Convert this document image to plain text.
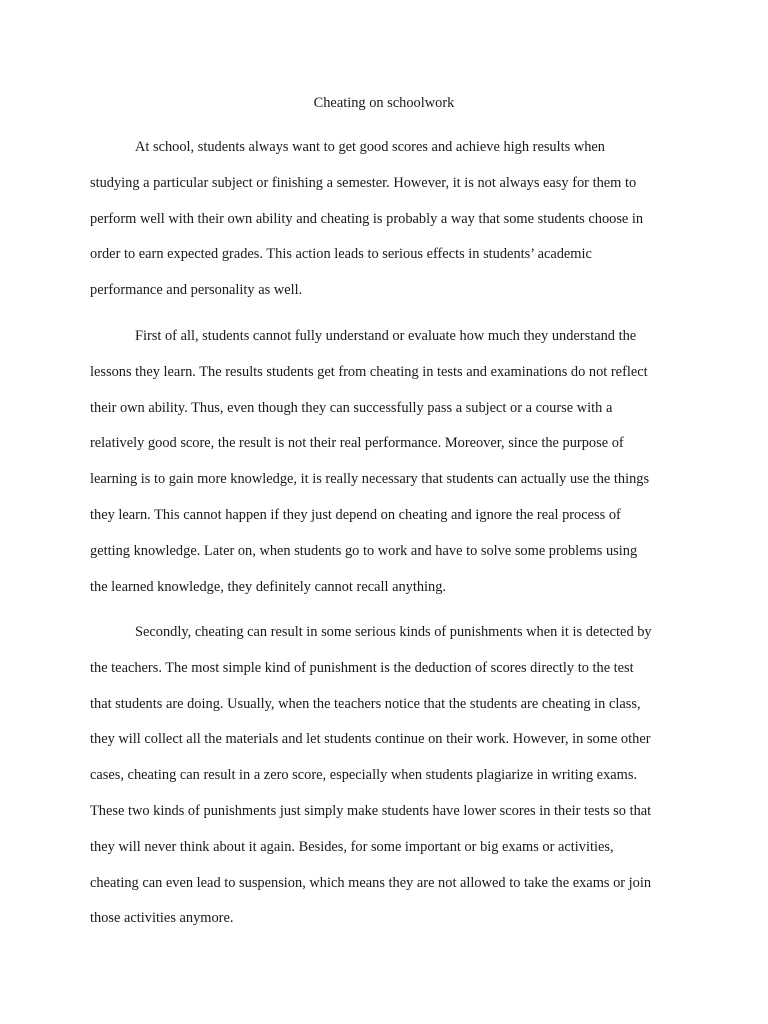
Cheating on schoolwork

At school, students always want to get good scores and achieve high results when
studying a particular subject or finishing a semester. However, it is not always easy for them to
perform well with their own ability and cheating is probably a way that some students choose in
order to earn expected grades. This action leads to serious effects in students’ academic
performance and personality as well.

First of all, students cannot fully understand or evaluate how much they understand the
lessons they learn. The results students get from cheating in tests and examinations do not reflect
their own ability. Thus, even though they can successfully pass a subject or a course with a
relatively good score, the result is not their real performance. Moreover, since the purpose of
learning is to gain more knowledge, it is really necessary that students can actually use the things
they learn. This cannot happen if they just depend on cheating and ignore the real process of
getting knowledge. Later on, when students go to work and have to solve some problems using
the learned knowledge, they definitely cannot recall anything.

Secondly, cheating can result in some serious kinds of punishments when it is detected by
the teachers. The most simple kind of punishment is the deduction of scores directly to the test
that students are doing. Usually, when the teachers notice that the students are cheating in class,
they will collect all the materials and let students continue on their work. However, in some other
cases, cheating can result in a zero score, especially when students plagiarize in writing exams.
These two kinds of punishments just simply make students have lower scores in their tests so that
they will never think about it again. Besides, for some important or big exams or activities,
cheating can even lead to suspension, which means they are not allowed to take the exams or join
those activities anymore.
